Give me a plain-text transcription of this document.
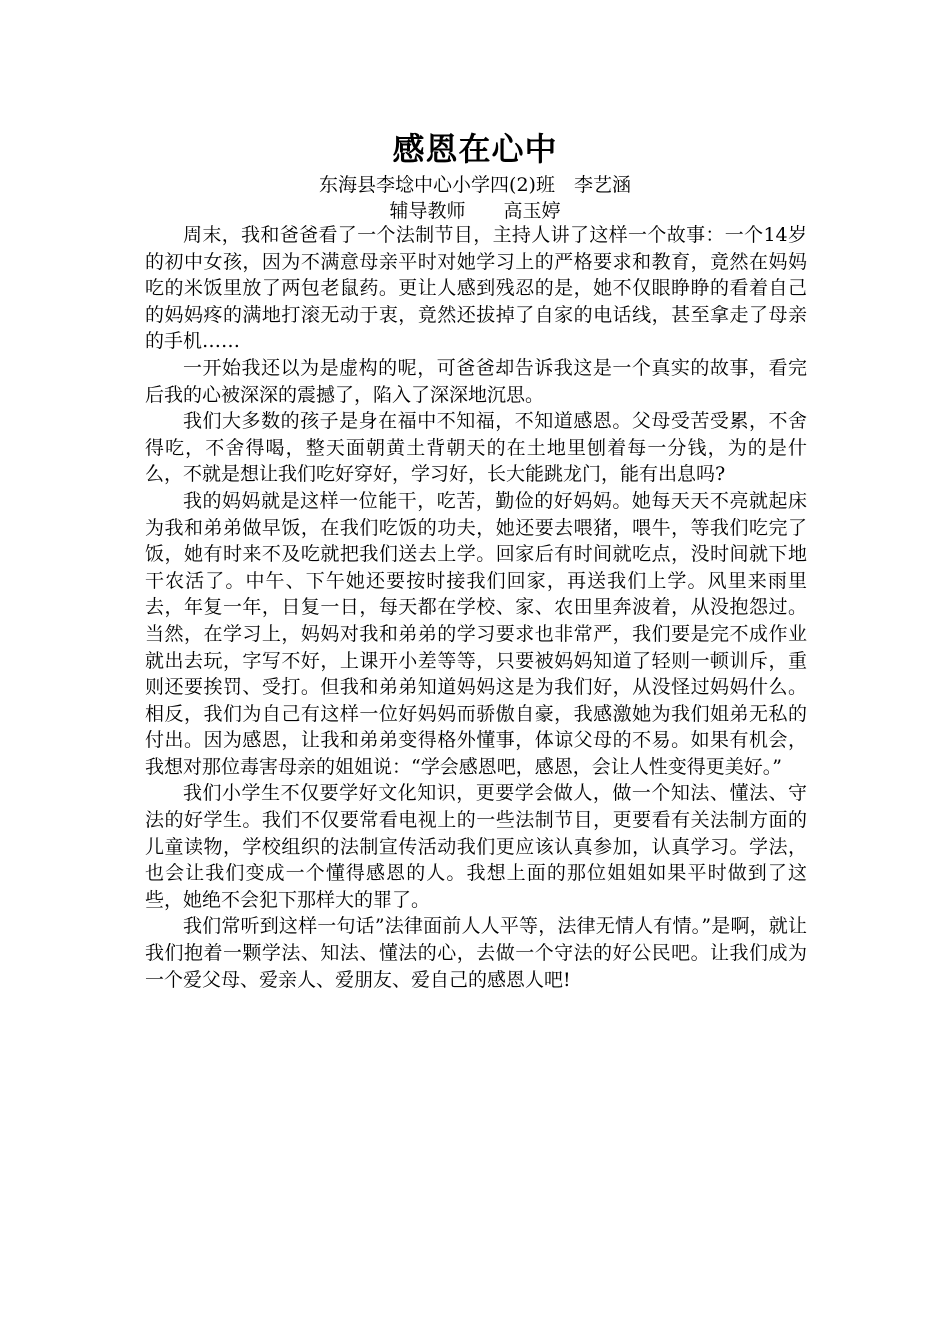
感恩在心中
东海县李埝中心小学四(2)班　李艺涵
辅导教师　　高玉婷

周末，我和爸爸看了一个法制节目，主持人讲了这样一个故事：一个14岁的初中女孩，因为不满意母亲平时对她学习上的严格要求和教育，竟然在妈妈吃的米饭里放了两包老鼠药。更让人感到残忍的是，她不仅眼睁睁的看着自己的妈妈疼的满地打滚无动于衷，竟然还拔掉了自家的电话线，甚至拿走了母亲的手机……

一开始我还以为是虚构的呢，可爸爸却告诉我这是一个真实的故事，看完后我的心被深深的震撼了，陷入了深深地沉思。

我们大多数的孩子是身在福中不知福，不知道感恩。父母受苦受累，不舍得吃，不舍得喝，整天面朝黄土背朝天的在土地里刨着每一分钱，为的是什么，不就是想让我们吃好穿好，学习好，长大能跳龙门，能有出息吗?

我的妈妈就是这样一位能干，吃苦，勤俭的好妈妈。她每天天不亮就起床为我和弟弟做早饭，在我们吃饭的功夫，她还要去喂猪，喂牛，等我们吃完了饭，她有时来不及吃就把我们送去上学。回家后有时间就吃点，没时间就下地干农活了。中午、下午她还要按时接我们回家，再送我们上学。风里来雨里去，年复一年，日复一日，每天都在学校、家、农田里奔波着，从没抱怨过。当然，在学习上，妈妈对我和弟弟的学习要求也非常严，我们要是完不成作业就出去玩，字写不好，上课开小差等等，只要被妈妈知道了轻则一顿训斥，重则还要挨罚、受打。但我和弟弟知道妈妈这是为我们好，从没怪过妈妈什么。相反，我们为自己有这样一位好妈妈而骄傲自豪，我感激她为我们姐弟无私的付出。因为感恩，让我和弟弟变得格外懂事，体谅父母的不易。如果有机会，我想对那位毒害母亲的姐姐说：“学会感恩吧，感恩，会让人性变得更美好。”

我们小学生不仅要学好文化知识，更要学会做人，做一个知法、懂法、守法的好学生。我们不仅要常看电视上的一些法制节目，更要看有关法制方面的儿童读物，学校组织的法制宣传活动我们更应该认真参加，认真学习。学法，也会让我们变成一个懂得感恩的人。我想上面的那位姐姐如果平时做到了这些，她绝不会犯下那样大的罪了。

我们常听到这样一句话”法律面前人人平等，法律无情人有情。”是啊，就让我们抱着一颗学法、知法、懂法的心，去做一个守法的好公民吧。让我们成为一个爱父母、爱亲人、爱朋友、爱自己的感恩人吧!
